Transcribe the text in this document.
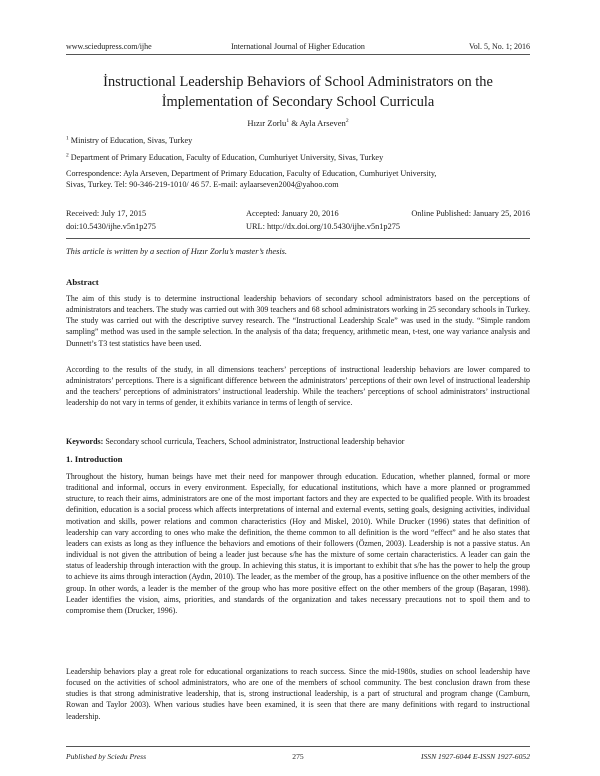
www.sciedupress.com/ijhe	International Journal of Higher Education	Vol. 5, No. 1; 2016
İnstructional Leadership Behaviors of School Administrators on the
İmplementation of Secondary School Curricula
Hızır Zorlu$^1$ & Ayla Arseven$^2$
$^1$ Ministry of Education, Sivas, Turkey
$^2$ Department of Primary Education, Faculty of Education, Cumhuriyet University, Sivas, Turkey
Correspondence: Ayla Arseven, Department of Primary Education, Faculty of Education, Cumhuriyet University,
Sivas, Turkey. Tel: 90-346-219-1010/ 46 57. E-mail: aylaarseven2004@yahoo.com
Received: July 17, 2015	Accepted: January 20, 2016	Online Published: January 25, 2016
doi:10.5430/ijhe.v5n1p275	URL: http://dx.doi.org/10.5430/ijhe.v5n1p275
This article is written by a section of Hızır Zorlu’s master’s thesis.
Abstract

The aim of this study is to determine instructional leadership behaviors of secondary school administrators based on the perceptions of administrators and teachers. The study was carried out with 309 teachers and 68 school administrators working in 25 secondary schools in Turkey. The study was carried out with the descriptive survey research. The “Instructional Leadership Scale” was used in the study. “Simple random sampling” method was used in the sample selection. In the analysis of tha data; frequency, arithmetic mean, t-test, one way variance analysis and Dunnett’s T3 test statistics have been used.

According to the results of the study, in all dimensions teachers’ perceptions of instructional leadership behaviors are lower compared to administrators’ perceptions. There is a significant difference between the administrators’ perceptions of their own level of instructional leadership and the teachers’ perceptions of administrators’ instructional leadership. While the teachers’ perceptions of school administrators’ instructional leadership do not vary in terms of gender, it exhibits variance in terms of length of service.

Keywords: Secondary school curricula, Teachers, School administrator, Instructional leadership behavior
1. Introduction

Throughout the history, human beings have met their need for manpower through education. Education, whether planned, formal or more traditional and informal, occurs in every environment. Especially, for educational institutions, which have a more planned or programmed structure, to reach their aims, administrators are one of the most important factors and they are expected to be qualified people. With its broadest definition, education is a social process which affects interpretations of internal and external events, setting goals, designing activities, individual motivation and skills, power relations and common characteristics (Hoy and Miskel, 2010). While Drucker (1996) states that definition of leadership can vary according to ones who make the definition, the theme common to all definition is the word “effect” and he also states that leaders can exists as long as they influence the behaviors and emotions of their followers (Özmen, 2003). Leadership is not a passive status. An individual is not given the attribution of being a leader just because s/he has the mixture of some certain characteristics. A leader can gain the status of leadership through interaction with the group. In achieving this status, it is important to exhibit that s/he has the power to help the group to achieve its aims through interaction (Aydın, 2010). The leader, as the member of the group, has a positive influence on the other members of the group. In other words, a leader is the member of the group who has more positive effect on the other members of the group (Başaran, 1998). Leader identifies the vision, aims, priorities, and standards of the organization and takes necessary precautions not to spoil them and to compromise them (Drucker, 1996).

Leadership behaviors play a great role for educational organizations to reach success. Since the mid-1980s, studies on school leadership have focused on the activities of school administrators, who are one of the members of school community. The best conclusion drawn from these studies is that strong administrative leadership, that is, strong instructional leadership, is a part of structural and program change (Camburn, Rowan and Taylor 2003). When various studies have been examined, it is seen that there are many definitions with regard to instructional leadership.

Published by Sciedu Press	275	ISSN 1927-6044 E-ISSN 1927-6052
